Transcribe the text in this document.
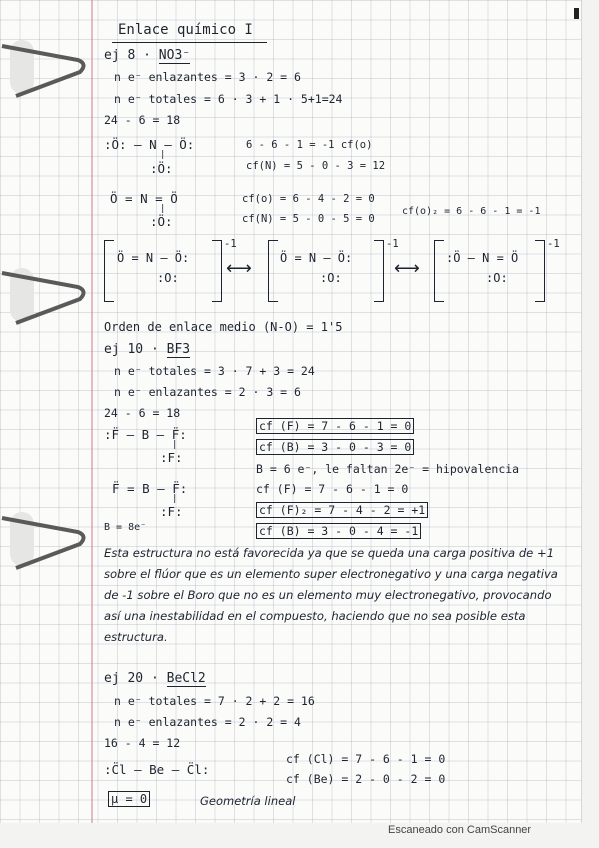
Enlace químico I
ej 8 · NO3⁻
n e⁻ enlazantes = 3 · 2 = 6
n e⁻ totales = 6 · 3 + 1 · 5+1=24
24 - 6 = 18
:Ö: — N — Ö:
|
:Ö:
6 - 6 - 1 = -1 cf(o)
cf(N) = 5 - 0 - 3 = 12
Ö = N = Ö
|
:Ö:
cf(o) = 6 - 4 - 2 = 0
cf(N) = 5 - 0 - 5 = 0
cf(o)₂ = 6 - 6 - 1 = -1
Ö = N — Ö:
:O:
-1
⟷ Ö = N — Ö:
:O:
-1
⟷ :Ö — N = Ö
:O:
-1
Orden de enlace medio (N-O) = 1'5
ej 10 · BF3
n e⁻ totales = 3 · 7 + 3 = 24
n e⁻ enlazantes = 2 · 3 = 6
24 - 6 = 18
:F̈ — B — F̈:
|
:F:
cf (F) = 7 - 6 - 1 = 0
cf (B) = 3 - 0 - 3 = 0
B = 6 e⁻, le faltan 2e⁻ = hipovalencia
F̈ = B — F̈:
|
:F:
cf (F) = 7 - 6 - 1 = 0
cf (F)₂ = 7 - 4 - 2 = +1
B = 8e⁻	cf (B) = 3 - 0 - 4 = -1
Esta estructura no está favorecida ya que se queda una carga positiva de +1 sobre el flúor que es un elemento super electronegativo y una carga negativa de -1 sobre el Boro que no es un elemento muy electronegativo, provocando así una inestabilidad en el compuesto, haciendo que no sea posible esta estructura.
ej 20 · BeCl2
n e⁻ totales = 7 · 2 + 2 = 16
n e⁻ enlazantes = 2 · 2 = 4
16 - 4 = 12
:C̈l — Be — C̈l:
cf (Cl) = 7 - 6 - 1 = 0
cf (Be) = 2 - 0 - 2 = 0
μ = 0	Geometría lineal
Escaneado con CamScanner
